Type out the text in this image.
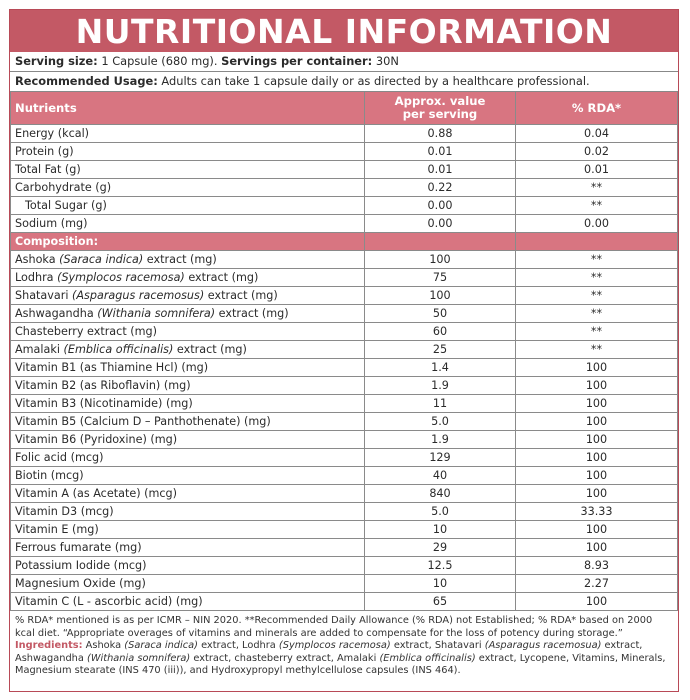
NUTRITIONAL INFORMATION
Serving size: 1 Capsule (680 mg). Servings per container: 30N
Recommended Usage: Adults can take 1 capsule daily or as directed by a healthcare professional.
Nutrients	Approx. value per serving	% RDA*
Energy (kcal)	0.88	0.04
Protein (g)	0.01	0.02
Total Fat (g)	0.01	0.01
Carbohydrate (g)	0.22	**
Total Sugar (g)	0.00	**
Sodium (mg)	0.00	0.00
Composition:		
Ashoka (Saraca indica) extract (mg)	100	**
Lodhra (Symplocos racemosa) extract (mg)	75	**
Shatavari (Asparagus racemosus) extract (mg)	100	**
Ashwagandha (Withania somnifera) extract (mg)	50	**
Chasteberry extract (mg)	60	**
Amalaki (Emblica officinalis) extract (mg)	25	**
Vitamin B1 (as Thiamine Hcl) (mg)	1.4	100
Vitamin B2 (as Riboflavin) (mg)	1.9	100
Vitamin B3 (Nicotinamide) (mg)	11	100
Vitamin B5 (Calcium D – Panthothenate) (mg)	5.0	100
Vitamin B6 (Pyridoxine) (mg)	1.9	100
Folic acid (mcg)	129	100
Biotin (mcg)	40	100
Vitamin A (as Acetate) (mcg)	840	100
Vitamin D3 (mcg)	5.0	33.33
Vitamin E (mg)	10	100
Ferrous fumarate (mg)	29	100
Potassium Iodide (mcg)	12.5	8.93
Magnesium Oxide (mg)	10	2.27
Vitamin C (L - ascorbic acid) (mg)	65	100
% RDA* mentioned is as per ICMR – NIN 2020. **Recommended Daily Allowance (% RDA) not Established; % RDA* based on 2000 kcal diet. “Appropriate overages of vitamins and minerals are added to compensate for the loss of potency during storage.”
Ingredients: Ashoka (Saraca indica) extract, Lodhra (Symplocos racemosa) extract, Shatavari (Asparagus racemosua) extract, Ashwagandha (Withania somnifera) extract, chasteberry extract, Amalaki (Emblica officinalis) extract, Lycopene, Vitamins, Minerals, Magnesium stearate (INS 470 (iii)), and Hydroxypropyl methylcellulose capsules (INS 464).
